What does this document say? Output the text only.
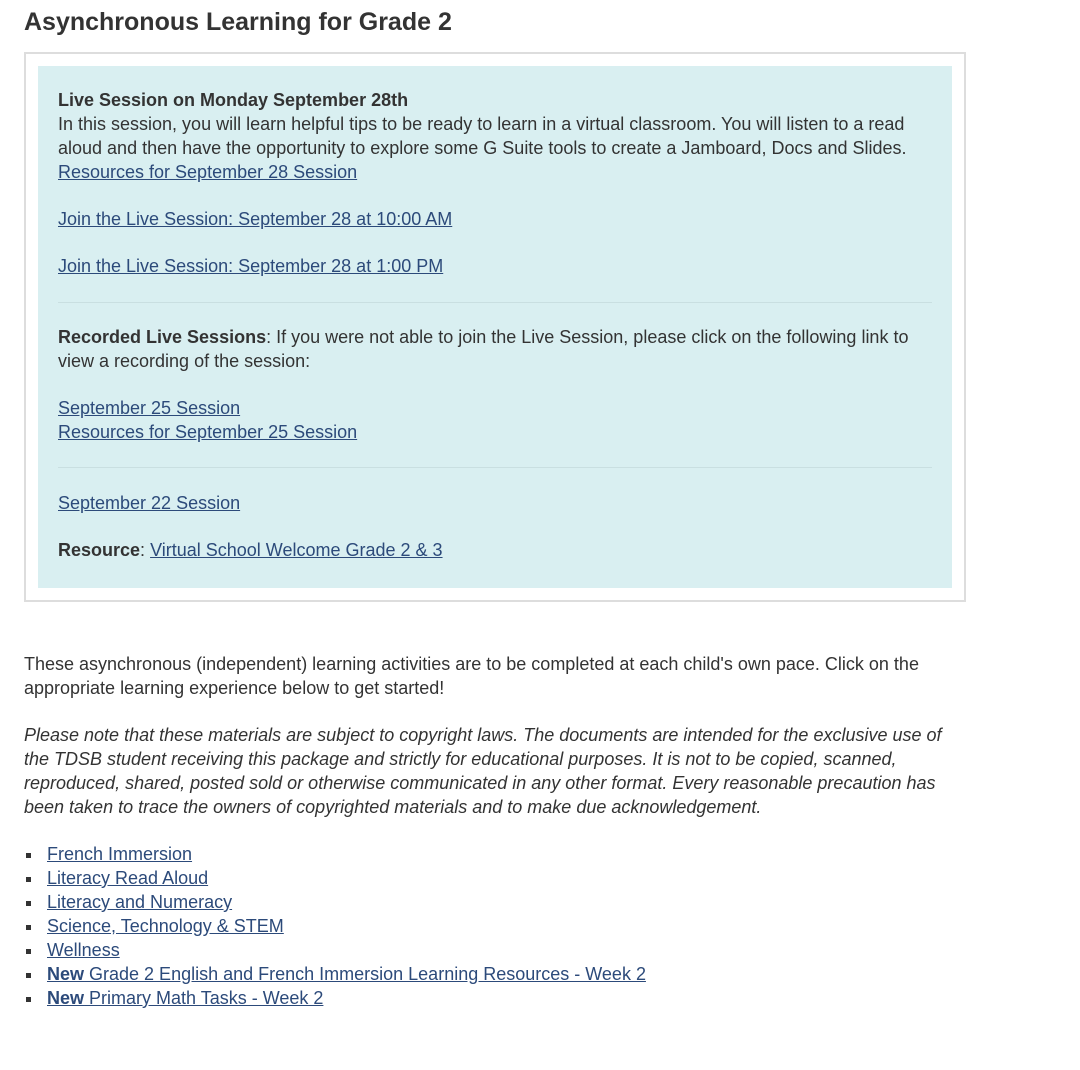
Asynchronous Learning for Grade 2

Live Session on Monday September 28th
In this session, you will learn helpful tips to be ready to learn in a virtual classroom. You will listen to a read aloud and then have the opportunity to explore some G Suite tools to create a Jamboard, Docs and Slides.
Resources for September 28 Session

Join the Live Session: September 28 at 10:00 AM

Join the Live Session: September 28 at 1:00 PM

Recorded Live Sessions: If you were not able to join the Live Session, please click on the following link to view a recording of the session:

September 25 Session
Resources for September 25 Session

September 22 Session

Resource: Virtual School Welcome Grade 2 & 3

These asynchronous (independent) learning activities are to be completed at each child's own pace. Click on the appropriate learning experience below to get started!

Please note that these materials are subject to copyright laws. The documents are intended for the exclusive use of the TDSB student receiving this package and strictly for educational purposes. It is not to be copied, scanned, reproduced, shared, posted sold or otherwise communicated in any other format. Every reasonable precaution has been taken to trace the owners of copyrighted materials and to make due acknowledgement.

French Immersion
Literacy Read Aloud
Literacy and Numeracy
Science, Technology & STEM
Wellness
New Grade 2 English and French Immersion Learning Resources - Week 2
New Primary Math Tasks - Week 2
